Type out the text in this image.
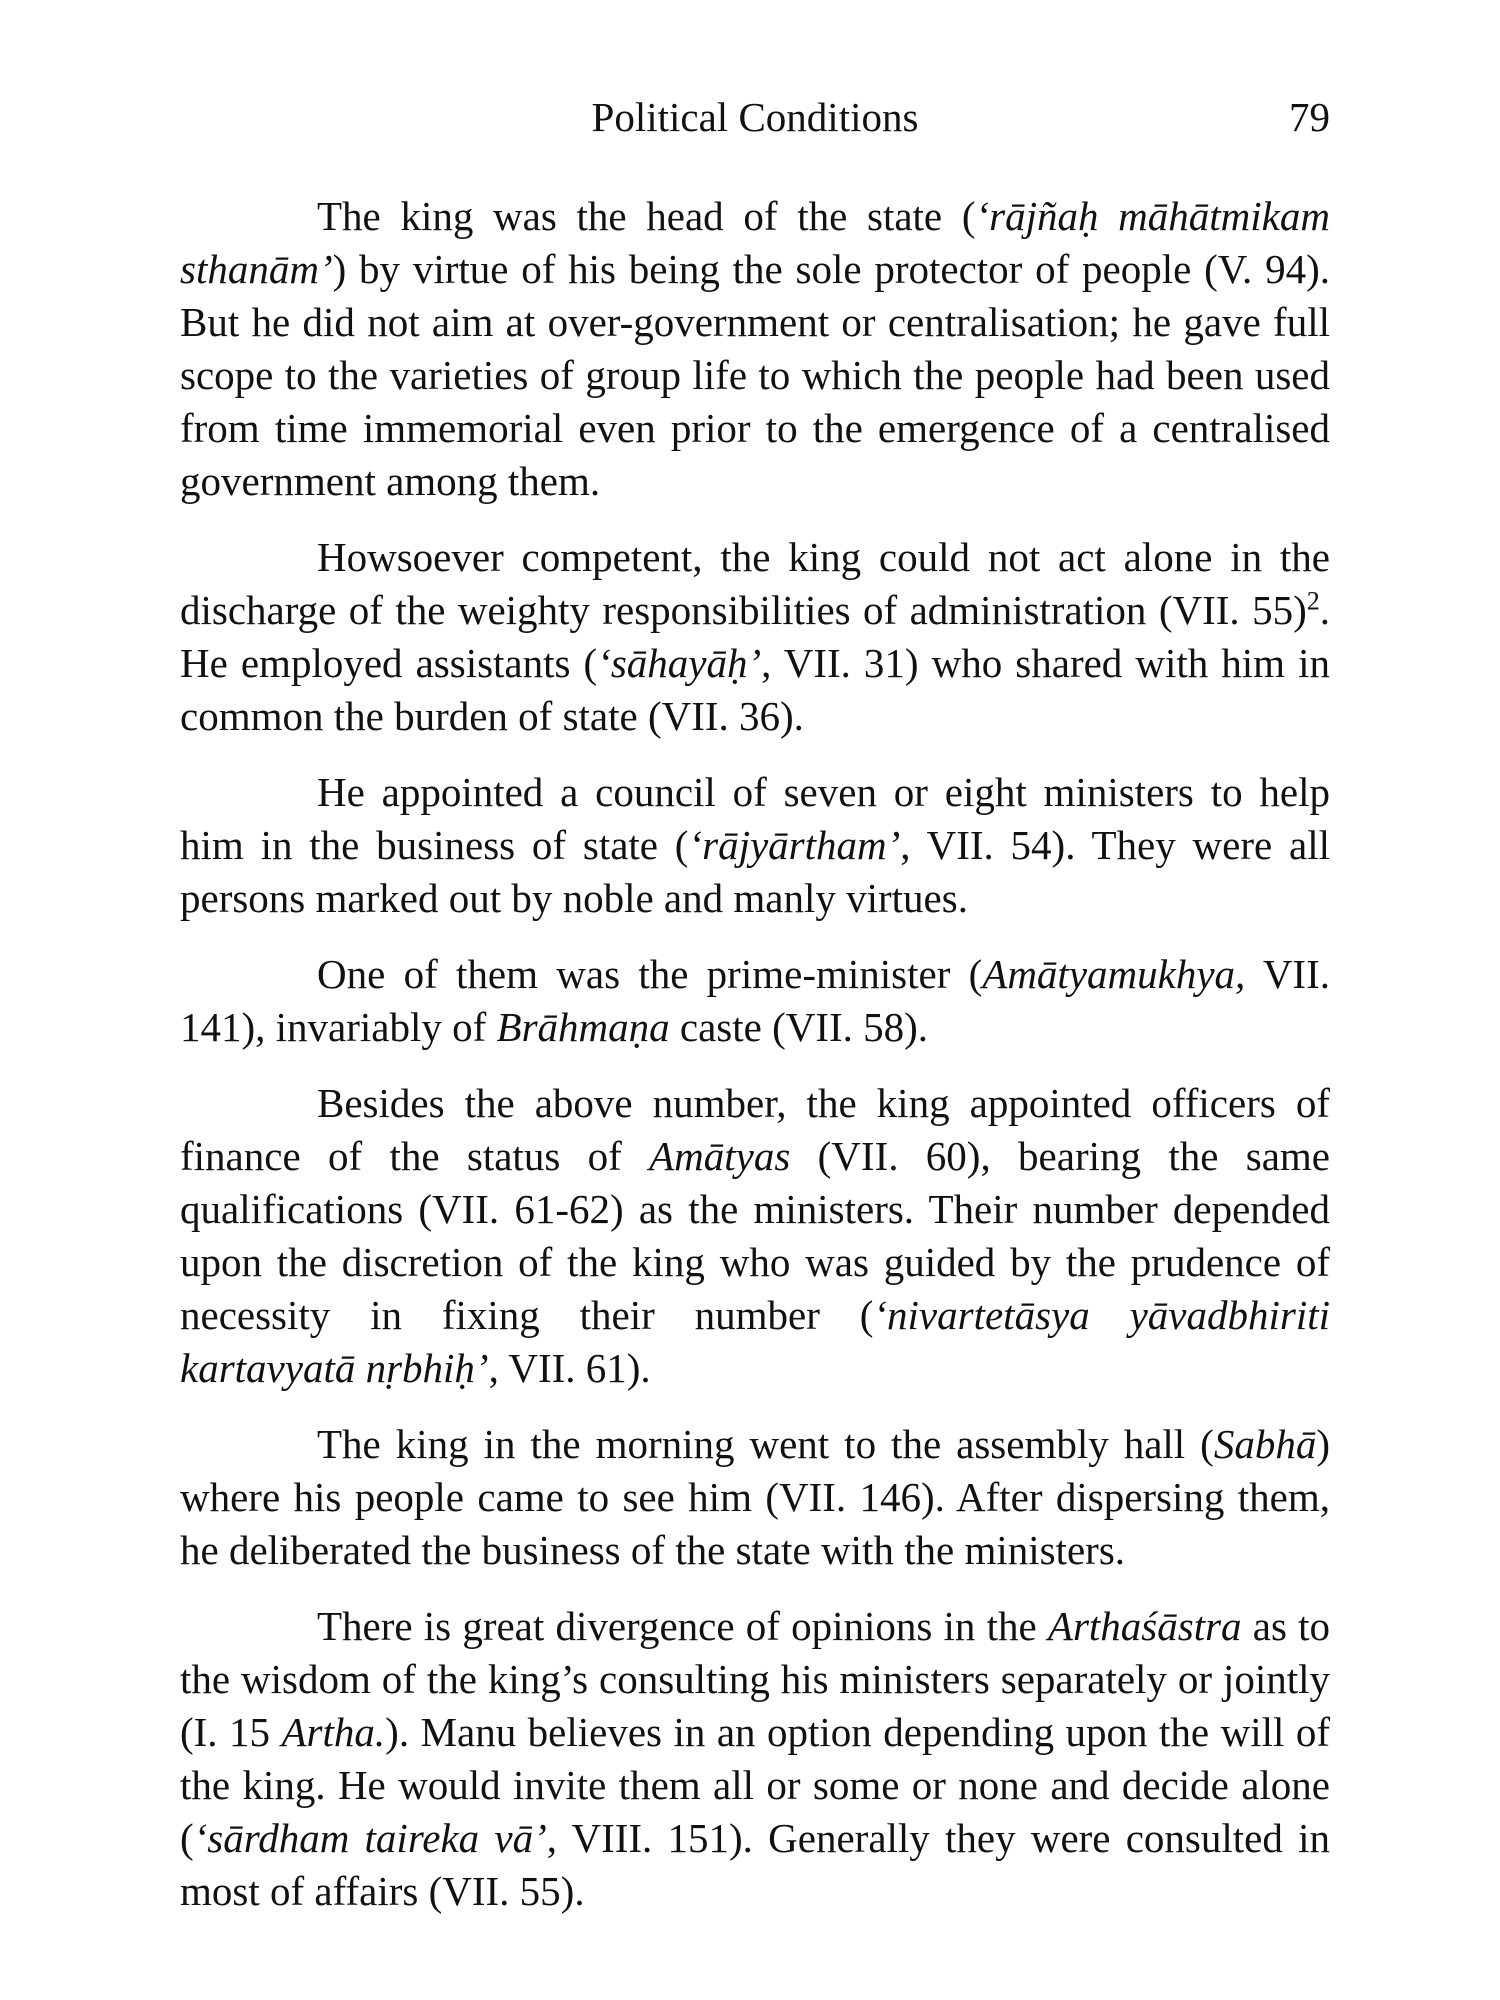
Political Conditions	79

The king was the head of the state (‘rājñaḥ māhātmikam sthanām’) by virtue of his being the sole protector of people (V. 94). But he did not aim at over-government or centralisation; he gave full scope to the varieties of group life to which the people had been used from time immemorial even prior to the emergence of a centralised government among them.

Howsoever competent, the king could not act alone in the discharge of the weighty responsibilities of administration (VII. 55)$^2$. He employed assistants (‘sāhayāḥ’, VII. 31) who shared with him in common the burden of state (VII. 36).

He appointed a council of seven or eight ministers to help him in the business of state (‘rājyārtham’, VII. 54). They were all persons marked out by noble and manly virtues.

One of them was the prime-minister (Amātyamukhya, VII. 141), invariably of Brāhmaṇa caste (VII. 58).

Besides the above number, the king appointed officers of finance of the status of Amātyas (VII. 60), bearing the same qualifications (VII. 61-62) as the ministers. Their number depended upon the discretion of the king who was guided by the prudence of necessity in fixing their number (‘nivartetāsya yāvadbhiriti kartavyatā nṛbhiḥ’, VII. 61).

The king in the morning went to the assembly hall (Sabhā) where his people came to see him (VII. 146). After dispersing them, he deliberated the business of the state with the ministers.

There is great divergence of opinions in the Arthaśāstra as to the wisdom of the king’s consulting his ministers separately or jointly (I. 15 Artha.). Manu believes in an option depending upon the will of the king. He would invite them all or some or none and decide alone (‘sārdham taireka vā’, VIII. 151). Generally they were consulted in most of affairs (VII. 55).
